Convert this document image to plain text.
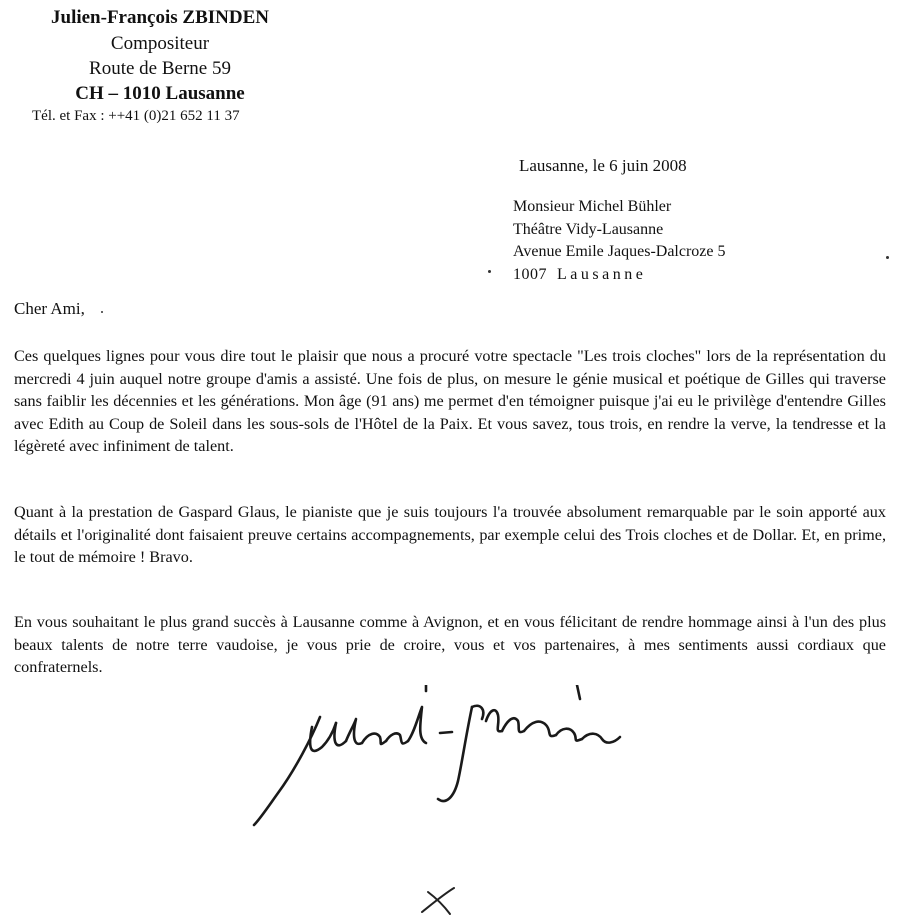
Julien-François ZBINDEN
Compositeur
Route de Berne 59
CH – 1010 Lausanne
Tél. et Fax : ++41 (0)21 652 11 37
Lausanne, le 6 juin 2008
Monsieur Michel Bühler
Théâtre Vidy-Lausanne
Avenue Emile Jaques-Dalcroze 5
1007 Lausanne
Cher Ami,
Ces quelques lignes pour vous dire tout le plaisir que nous a procuré votre spectacle "Les trois cloches" lors de la représentation du mercredi 4 juin auquel notre groupe d'amis a assisté. Une fois de plus, on mesure le génie musical et poétique de Gilles qui traverse sans faiblir les décennies et les générations. Mon âge (91 ans) me permet d'en témoigner puisque j'ai eu le privilège d'entendre Gilles avec Edith au Coup de Soleil dans les sous-sols de l'Hôtel de la Paix. Et vous savez, tous trois, en rendre la verve, la tendresse et la légèreté avec infiniment de talent.
Quant à la prestation de Gaspard Glaus, le pianiste que je suis toujours l'a trouvée absolument remarquable par le soin apporté aux détails et l'originalité dont faisaient preuve certains accompagnements, par exemple celui des Trois cloches et de Dollar. Et, en prime, le tout de mémoire ! Bravo.
En vous souhaitant le plus grand succès à Lausanne comme à Avignon, et en vous félicitant de rendre hommage ainsi à l'un des plus beaux talents de notre terre vaudoise, je vous prie de croire, vous et vos partenaires, à mes sentiments aussi cordiaux que confraternels.
